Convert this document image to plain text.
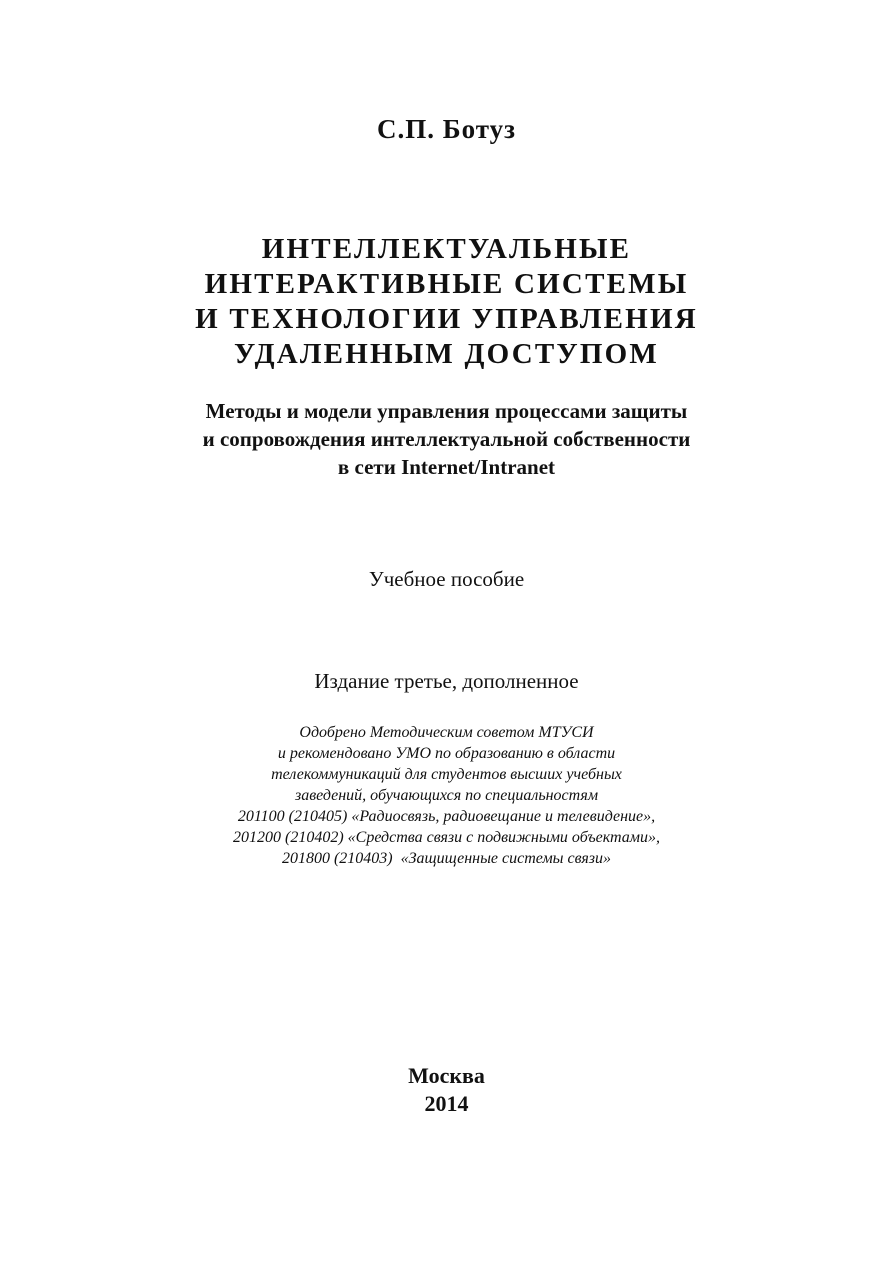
С.П. Ботуз
ИНТЕЛЛЕКТУАЛЬНЫЕ
ИНТЕРАКТИВНЫЕ СИСТЕМЫ
И ТЕХНОЛОГИИ УПРАВЛЕНИЯ
УДАЛЕННЫМ ДОСТУПОМ
Методы и модели управления процессами защиты
и сопровождения интеллектуальной собственности
в сети Internet/Intranet
Учебное пособие
Издание третье, дополненное
Одобрено Методическим советом МТУСИ
и рекомендовано УМО по образованию в области
телекоммуникаций для студентов высших учебных
заведений, обучающихся по специальностям
201100 (210405) «Радиосвязь, радиовещание и телевидение»,
201200 (210402) «Средства связи с подвижными объектами»,
201800 (210403)  «Защищенные системы связи»
Москва
2014
